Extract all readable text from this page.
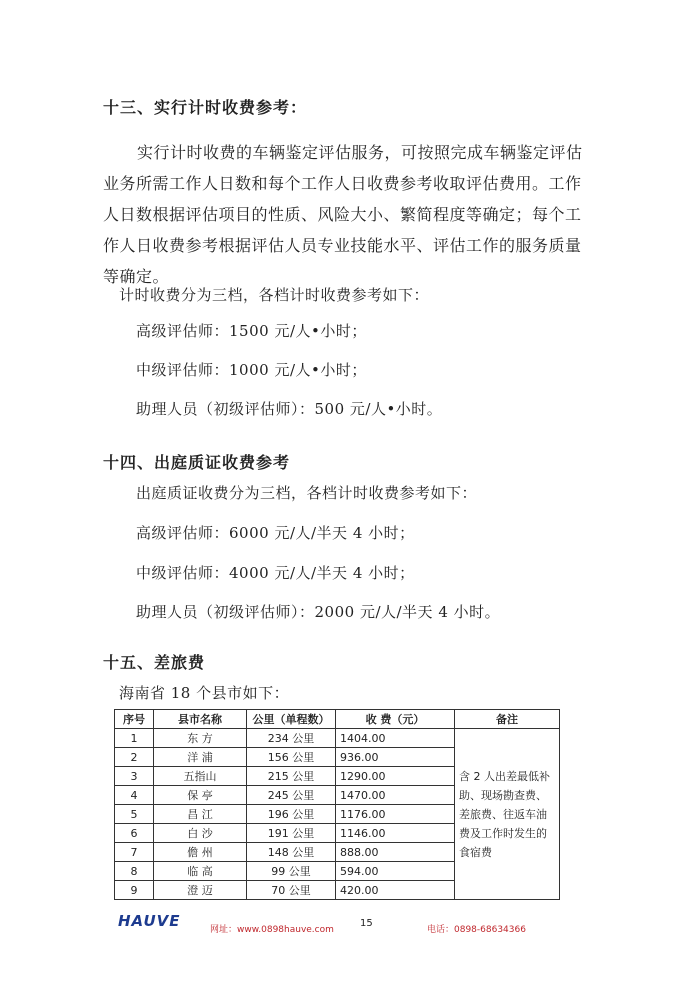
十三、实行计时收费参考：
实行计时收费的车辆鉴定评估服务，可按照完成车辆鉴定评估业务所需工作人日数和每个工作人日收费参考收取评估费用。工作人日数根据评估项目的性质、风险大小、繁简程度等确定；每个工作人日收费参考根据评估人员专业技能水平、评估工作的服务质量等确定。
计时收费分为三档，各档计时收费参考如下：
高级评估师：1500 元/人•小时；
中级评估师：1000 元/人•小时；
助理人员（初级评估师）：500 元/人•小时。
十四、出庭质证收费参考
出庭质证收费分为三档，各档计时收费参考如下：
高级评估师：6000 元/人/半天 4 小时；
中级评估师：4000 元/人/半天 4 小时；
助理人员（初级评估师）：2000 元/人/半天 4 小时。
十五、差旅费
海南省 18 个县市如下：
序号	县市名称	公里（单程数）	收 费（元）	备注
1	东 方	234 公里	1404.00	含 2 人出差最低补助、现场勘查费、差旅费、往返车油费及工作时发生的食宿费
2	洋 浦	156 公里	936.00	
3	五指山	215 公里	1290.00	
4	保 亭	245 公里	1470.00	
5	昌 江	196 公里	1176.00	
6	白 沙	191 公里	1146.00	
7	儋 州	148 公里	888.00	
8	临 高	99 公里	594.00	
9	澄 迈	70 公里	420.00	
HAUVE	网址：www.0898hauve.com
15
电话：0898-68634366
